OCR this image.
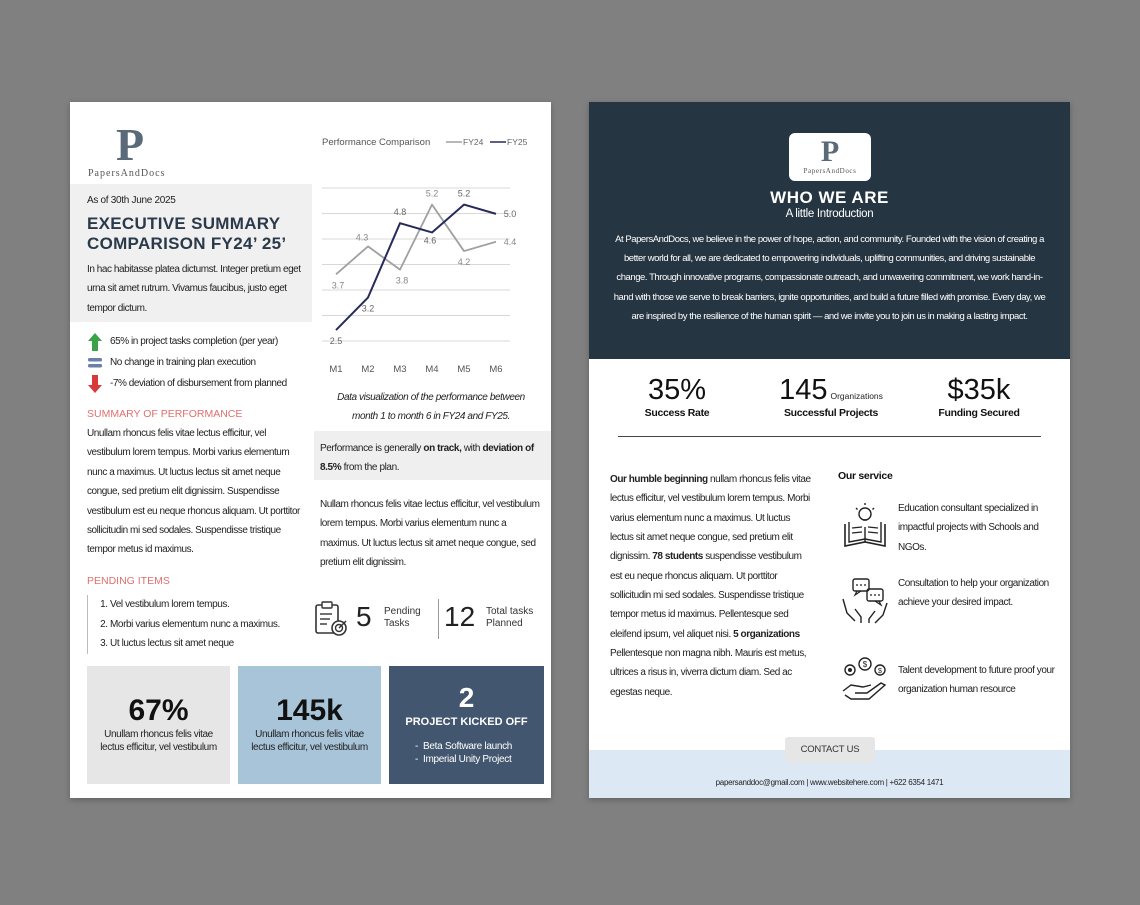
P
PapersAndDocs
As of 30th June 2025
EXECUTIVE SUMMARY
COMPARISON FY24’ 25’
In hac habitasse platea dictumst. Integer pretium eget urna sit amet rutrum. Vivamus faucibus, justo eget tempor dictum.
65% in project tasks completion (per year)
No change in training plan execution
-7% deviation of disbursement from planned
SUMMARY OF PERFORMANCE
Unullam rhoncus felis vitae lectus efficitur, vel vestibulum lorem tempus. Morbi varius elementum nunc a maximus. Ut luctus lectus sit amet neque congue, sed pretium elit dignissim. Suspendisse vestibulum est eu neque rhoncus aliquam. Ut porttitor sollicitudin mi sed sodales. Suspendisse tristique tempor metus id maximus.
PENDING ITEMS
1. Vel vestibulum lorem tempus.
2. Morbi varius elementum nunc a maximus.
3. Ut luctus lectus sit amet neque
Performance Comparison	FY24	FY25
3.7
4.3
3.8
5.2
4.2
4.4
2.5
3.2
4.8
4.6
5.2
5.0
M1 M2 M3 M4 M5 M6
Data visualization of the performance between month 1 to month 6 in FY24 and FY25.
Performance is generally on track, with deviation of 8.5% from the plan.
Nullam rhoncus felis vitae lectus efficitur, vel vestibulum lorem tempus. Morbi varius elementum nunc a maximus. Ut luctus lectus sit amet neque congue, sed pretium elit dignissim.
5 Pending Tasks	12 Total tasks Planned
67%
Unullam rhoncus felis vitae lectus efficitur, vel vestibulum
145k
Unullam rhoncus felis vitae lectus efficitur, vel vestibulum
2
PROJECT KICKED OFF
-  Beta Software launch
-  Imperial Unity Project
P
PapersAndDocs
WHO WE ARE
A little Introduction
At PapersAndDocs, we believe in the power of hope, action, and community. Founded with the vision of creating a better world for all, we are dedicated to empowering individuals, uplifting communities, and driving sustainable change. Through innovative programs, compassionate outreach, and unwavering commitment, we work hand-in-hand with those we serve to break barriers, ignite opportunities, and build a future filled with promise. Every day, we are inspired by the resilience of the human spirit — and we invite you to join us in making a lasting impact.
35%
Success Rate
145 Organizations
Successful Projects
$35k
Funding Secured
Our humble beginning nullam rhoncus felis vitae lectus efficitur, vel vestibulum lorem tempus. Morbi varius elementum nunc a maximus. Ut luctus lectus sit amet neque congue, sed pretium elit dignissim. 78 students suspendisse vestibulum est eu neque rhoncus aliquam. Ut porttitor sollicitudin mi sed sodales. Suspendisse tristique tempor metus id maximus. Pellentesque sed eleifend ipsum, vel aliquet nisi. 5 organizations Pellentesque non magna nibh. Mauris est metus, ultrices a risus in, viverra dictum diam. Sed ac egestas neque.
Our service
Education consultant specialized in impactful projects with Schools and NGOs.
Consultation to help your organization achieve your desired impact.
$
$ Talent development to future proof your organization human resource
papersanddoc@gmail.com | www.websitehere.com | +622 6354 1471
CONTACT US
